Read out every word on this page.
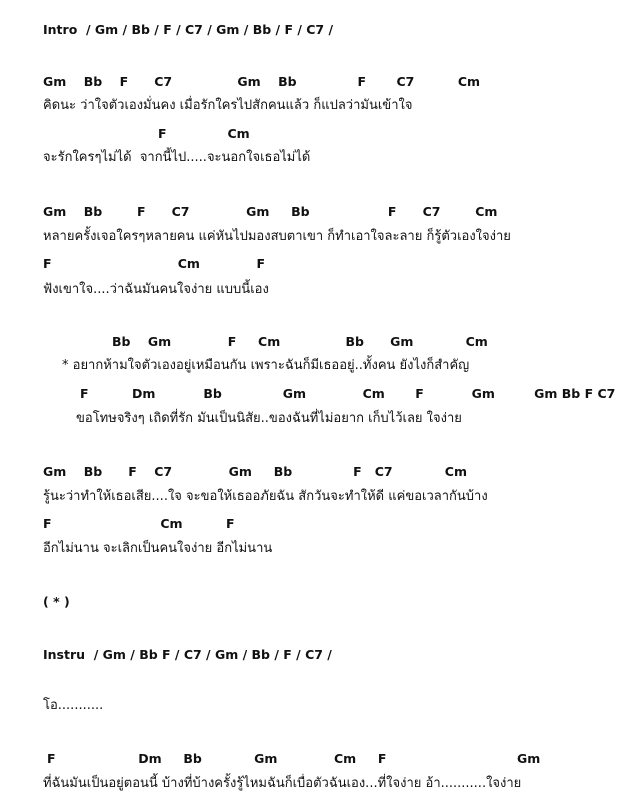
Intro  / Gm / Bb / F / C7 / Gm / Bb / F / C7 /
Gm    Bb    F      C7               Gm    Bb              F       C7          Cm
คิดนะ ว่าใจตัวเองมั่นคง เมื่อรักใครไปสักคนแล้ว ก็แปลว่ามันเข้าใจ
F              Cm
จะรักใครๆไม่ได้  จากนี้ไป.....จะนอกใจเธอไม่ได้
Gm    Bb        F      C7             Gm     Bb                  F      C7        Cm
หลายครั้งเจอใครๆหลายคน แค่หันไปมองสบตาเขา ก็ทำเอาใจละลาย ก็รู้ตัวเองใจง่าย
F                             Cm             F
ฟังเขาใจ....ว่าฉันมันคนใจง่าย แบบนี้เอง
Bb    Gm             F     Cm               Bb      Gm            Cm
* อยากห้ามใจตัวเองอยู่เหมือนกัน เพราะฉันก็มีเธออยู่..ทั้งคน ยังไงก็สำคัญ
F          Dm           Bb              Gm             Cm       F           Gm         Gm Bb F C7
ขอโทษจริงๆ เถิดที่รัก มันเป็นนิสัย..ของฉันที่ไม่อยาก เก็บไว้เลย ใจง่าย
Gm    Bb      F    C7             Gm     Bb              F   C7            Cm
รู้นะว่าทำให้เธอเสีย....ใจ จะขอให้เธออภัยฉัน สักวันจะทำให้ดี แค่ขอเวลากันบ้าง
F                         Cm          F
อีกไม่นาน จะเลิกเป็นคนใจง่าย อีกไม่นาน
( * )
Instru  / Gm / Bb F / C7 / Gm / Bb / F / C7 /
โอ...........
F                   Dm     Bb            Gm             Cm     F                              Gm
ที่ฉันมันเป็นอยู่ตอนนี้ บ้างที่บ้างครั้งรู้ไหมฉันก็เบื่อตัวฉันเอง...ที่ใจง่าย อ้า...........ใจง่าย
